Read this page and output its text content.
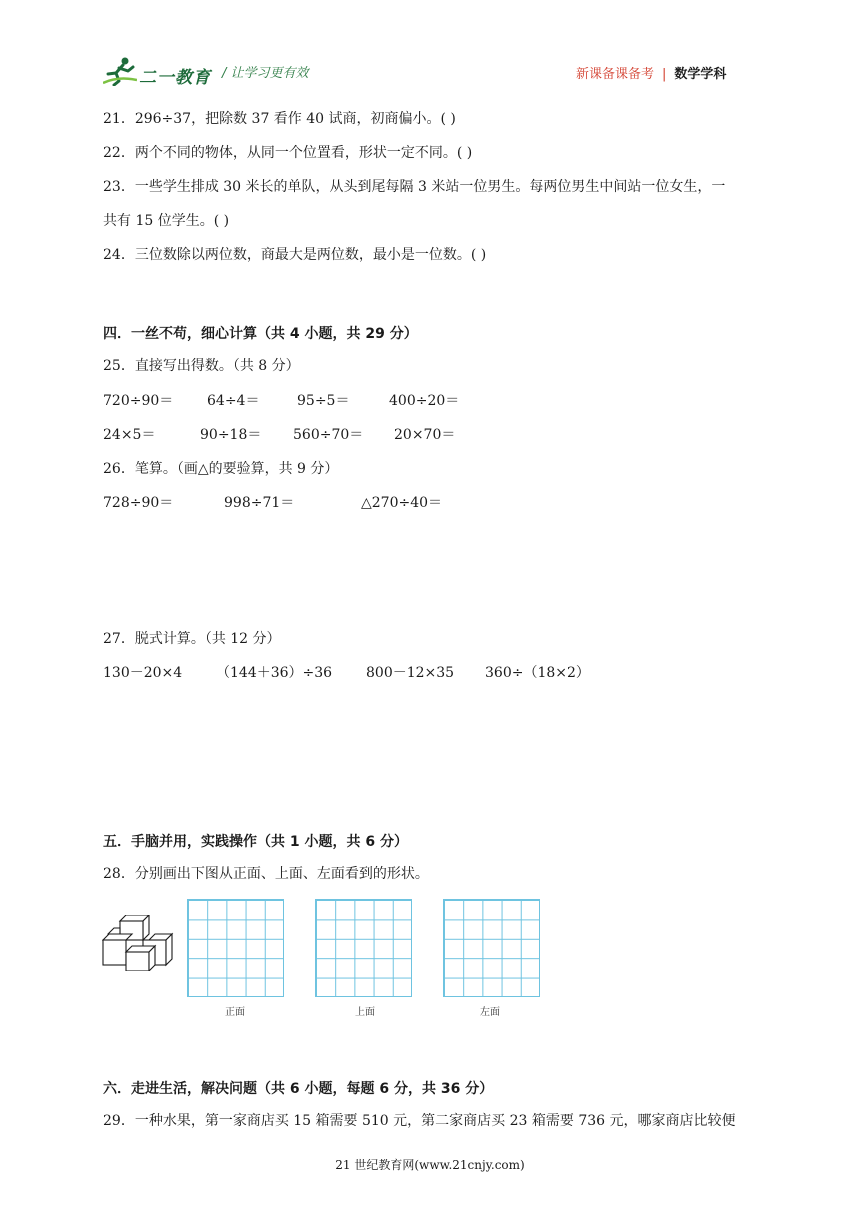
二一教育 / 让学习更有效	新课备课备考 | 数学学科
21．296÷37，把除数 37 看作 40 试商，初商偏小。( )
22．两个不同的物体，从同一个位置看，形状一定不同。( )
23．一些学生排成 30 米长的单队，从头到尾每隔 3 米站一位男生。每两位男生中间站一位女生，一
共有 15 位学生。( )
24．三位数除以两位数，商最大是两位数，最小是一位数。( )
四．一丝不苟，细心计算（共 4 小题，共 29 分）
25．直接写出得数。（共 8 分）
720÷90＝ 64÷4＝	95÷5＝	400÷20＝
24×5＝	90÷18＝ 560÷70＝ 20×70＝
26．笔算。（画△的要验算，共 9 分）
728÷90＝	998÷71＝	△270÷40＝
27．脱式计算。（共 12 分）
130－20×4 （144＋36）÷36 800－12×35 360÷（18×2）
五．手脑并用，实践操作（共 1 小题，共 6 分）
28．分别画出下图从正面、上面、左面看到的形状。
正面	上面	左面
六．走进生活，解决问题（共 6 小题，每题 6 分，共 36 分）
29．一种水果，第一家商店买 15 箱需要 510 元，第二家商店买 23 箱需要 736 元，哪家商店比较便
21 世纪教育网(www.21cnjy.com)
